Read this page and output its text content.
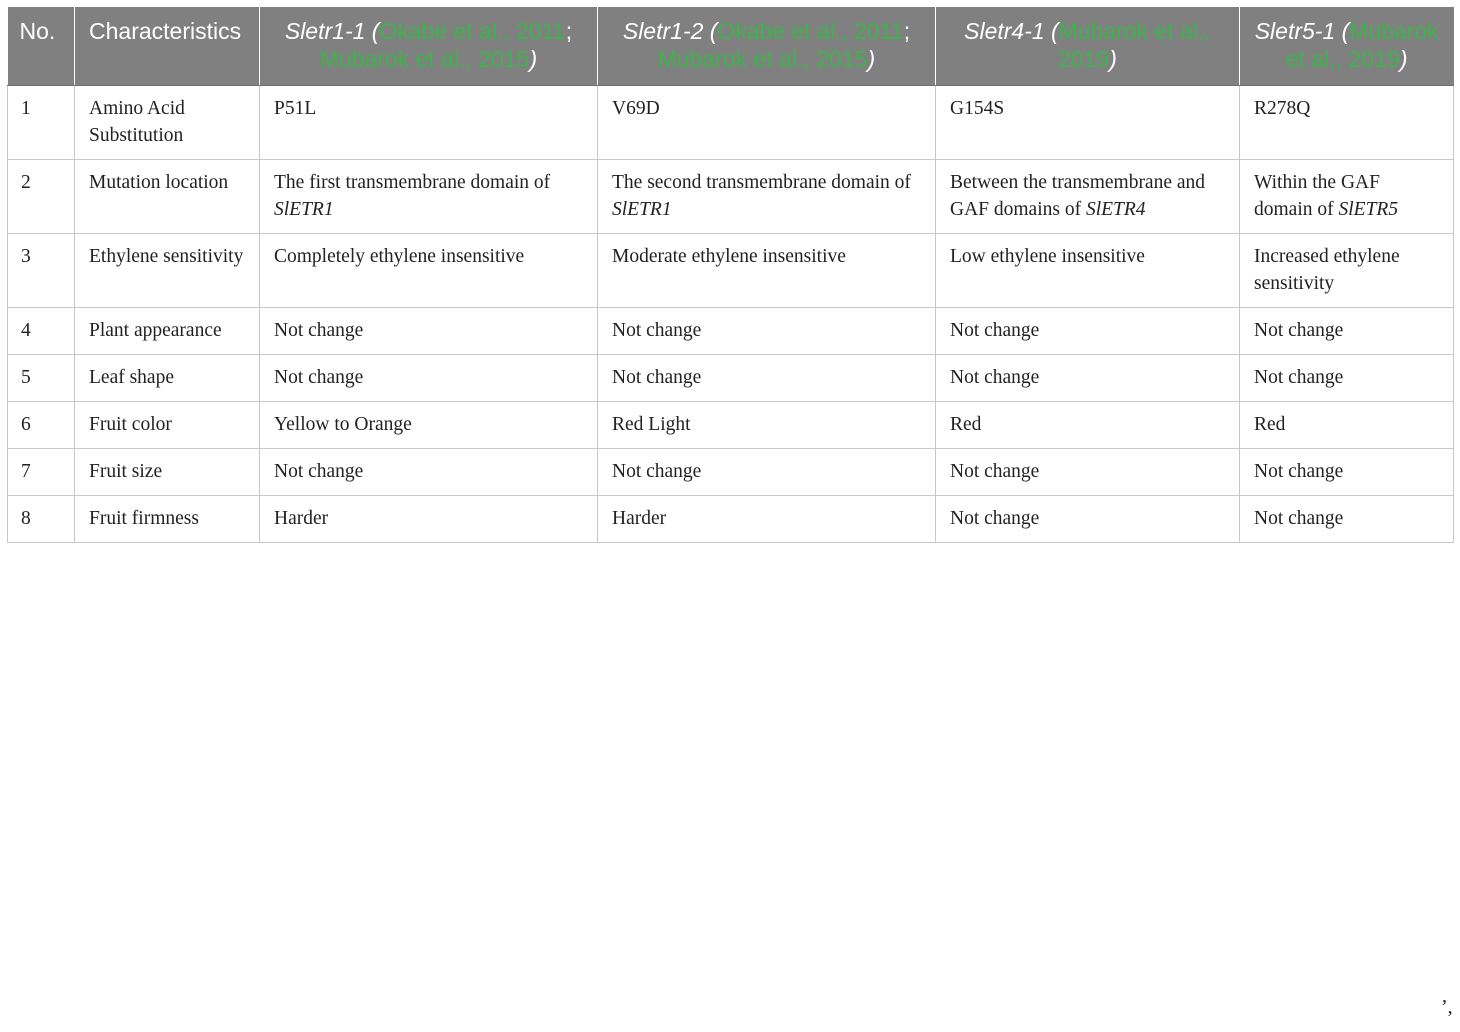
No.	Characteristics	Sletr1-1 (Okabe et al., 2011; Mubarok et al., 2015)	Sletr1-2 (Okabe et al., 2011; Mubarok et al., 2015)	Sletr4-1 (Mubarok et al., 2019)	Sletr5-1 (Mubarok et al., 2019)
1	Amino Acid Substitution	P51L	V69D	G154S	R278Q
2	Mutation location	The first transmembrane domain of SlETR1	The second transmembrane domain of SlETR1	Between the transmembrane and GAF domains of SlETR4	Within the GAF domain of SlETR5
3	Ethylene sensitivity	Completely ethylene insensitive	Moderate ethylene insensitive	Low ethylene insensitive	Increased ethylene sensitivity
4	Plant appearance	Not change	Not change	Not change	Not change
5	Leaf shape	Not change	Not change	Not change	Not change
6	Fruit color	Yellow to Orange	Red Light	Red	Red
7	Fruit size	Not change	Not change	Not change	Not change
8	Fruit firmness	Harder	Harder	Not change	Not change
’,
